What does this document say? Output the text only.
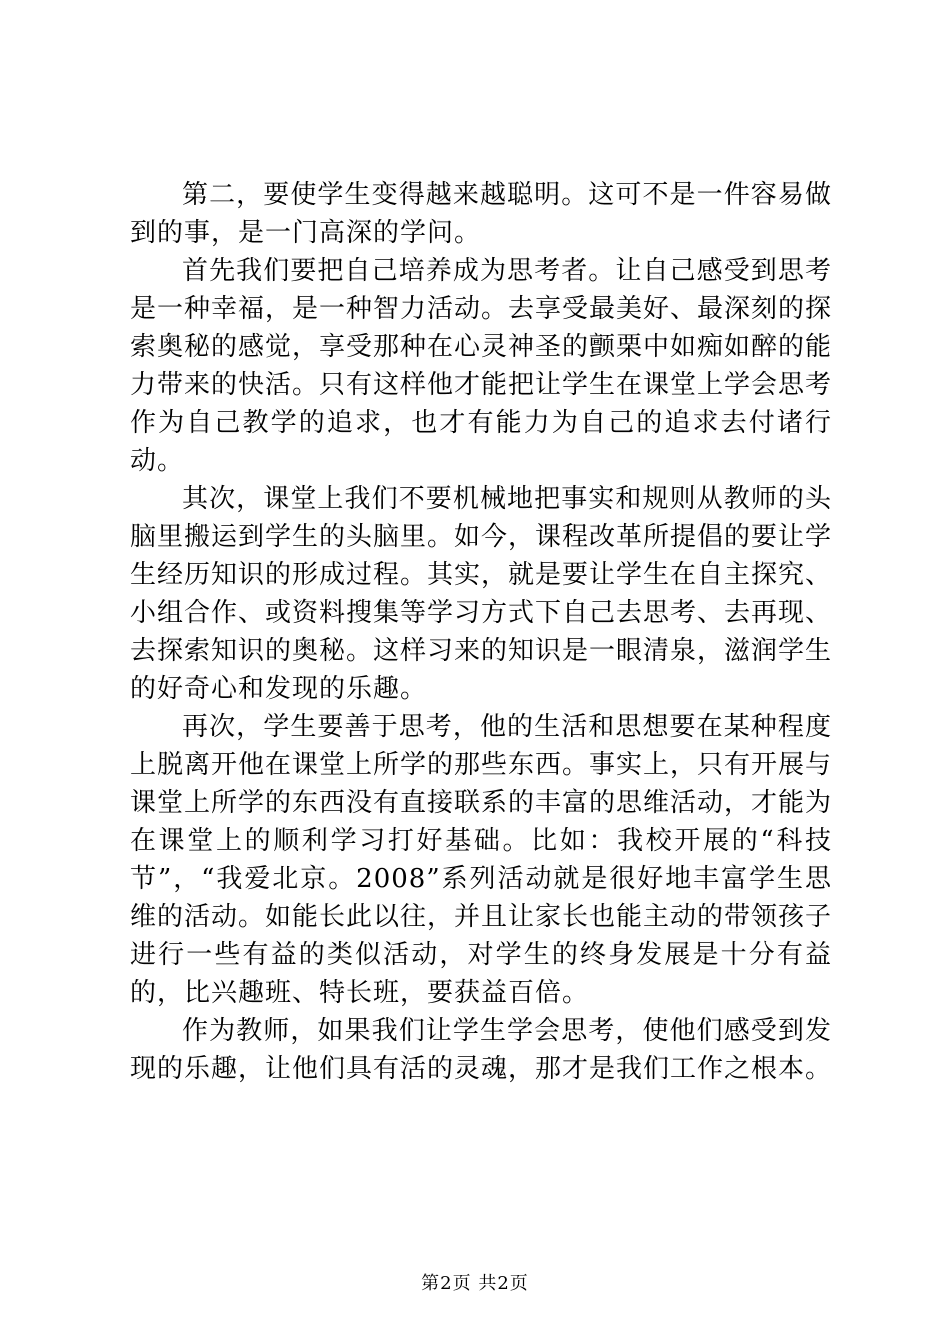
第二，要使学生变得越来越聪明。这可不是一件容易做到的事，是一门高深的学问。

首先我们要把自己培养成为思考者。让自己感受到思考是一种幸福，是一种智力活动。去享受最美好、最深刻的探索奥秘的感觉，享受那种在心灵神圣的颤栗中如痴如醉的能力带来的快活。只有这样他才能把让学生在课堂上学会思考作为自己教学的追求，也才有能力为自己的追求去付诸行动。

其次，课堂上我们不要机械地把事实和规则从教师的头脑里搬运到学生的头脑里。如今，课程改革所提倡的要让学生经历知识的形成过程。其实，就是要让学生在自主探究、小组合作、或资料搜集等学习方式下自己去思考、去再现、去探索知识的奥秘。这样习来的知识是一眼清泉，滋润学生的好奇心和发现的乐趣。

再次，学生要善于思考，他的生活和思想要在某种程度上脱离开他在课堂上所学的那些东西。事实上，只有开展与课堂上所学的东西没有直接联系的丰富的思维活动，才能为在课堂上的顺利学习打好基础。比如：我校开展的“科技节”，“我爱北京。2008”系列活动就是很好地丰富学生思维的活动。如能长此以往，并且让家长也能主动的带领孩子进行一些有益的类似活动，对学生的终身发展是十分有益的，比兴趣班、特长班，要获益百倍。

作为教师，如果我们让学生学会思考，使他们感受到发现的乐趣，让他们具有活的灵魂，那才是我们工作之根本。

第2页 共2页
